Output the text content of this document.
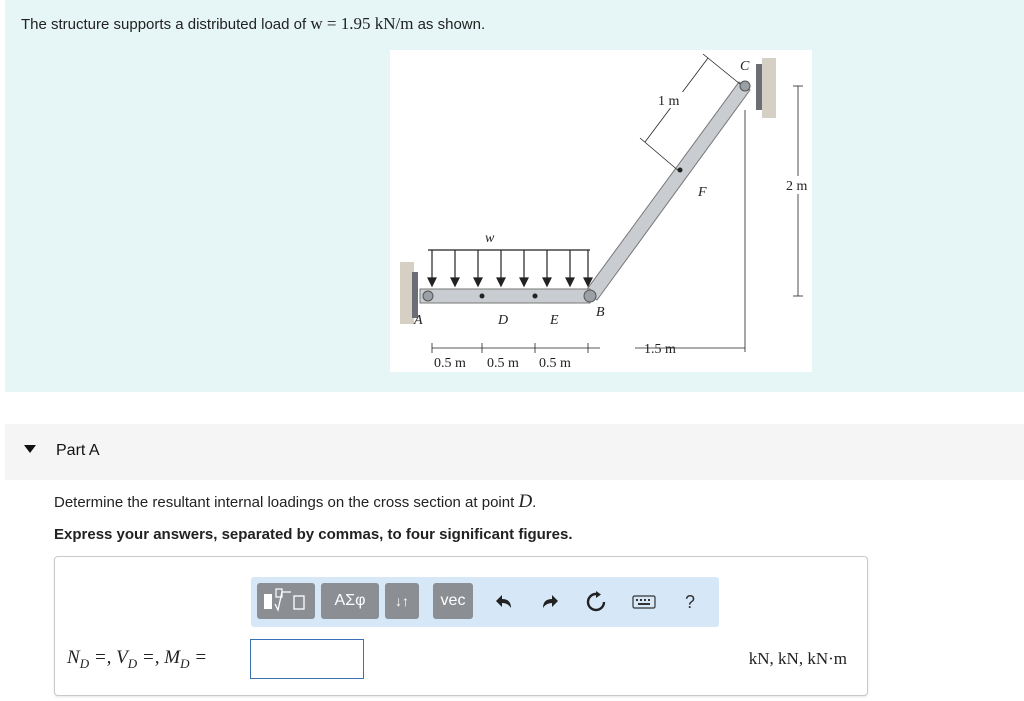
The structure supports a distributed load of w = 1.95 kN/m as shown.
w
A	D	E
B
C
F
0.5 m 0.5 m 0.5 m
1.5 m
2 m
1 m
Part A
Determine the resultant internal loadings on the cross section at point D.
Express your answers, separated by commas, to four significant figures.
ΑΣφ ↓↑ vec	?
$N_D$ =, $V_D$ =, $M_D$ =	kN, kN, kN·m
